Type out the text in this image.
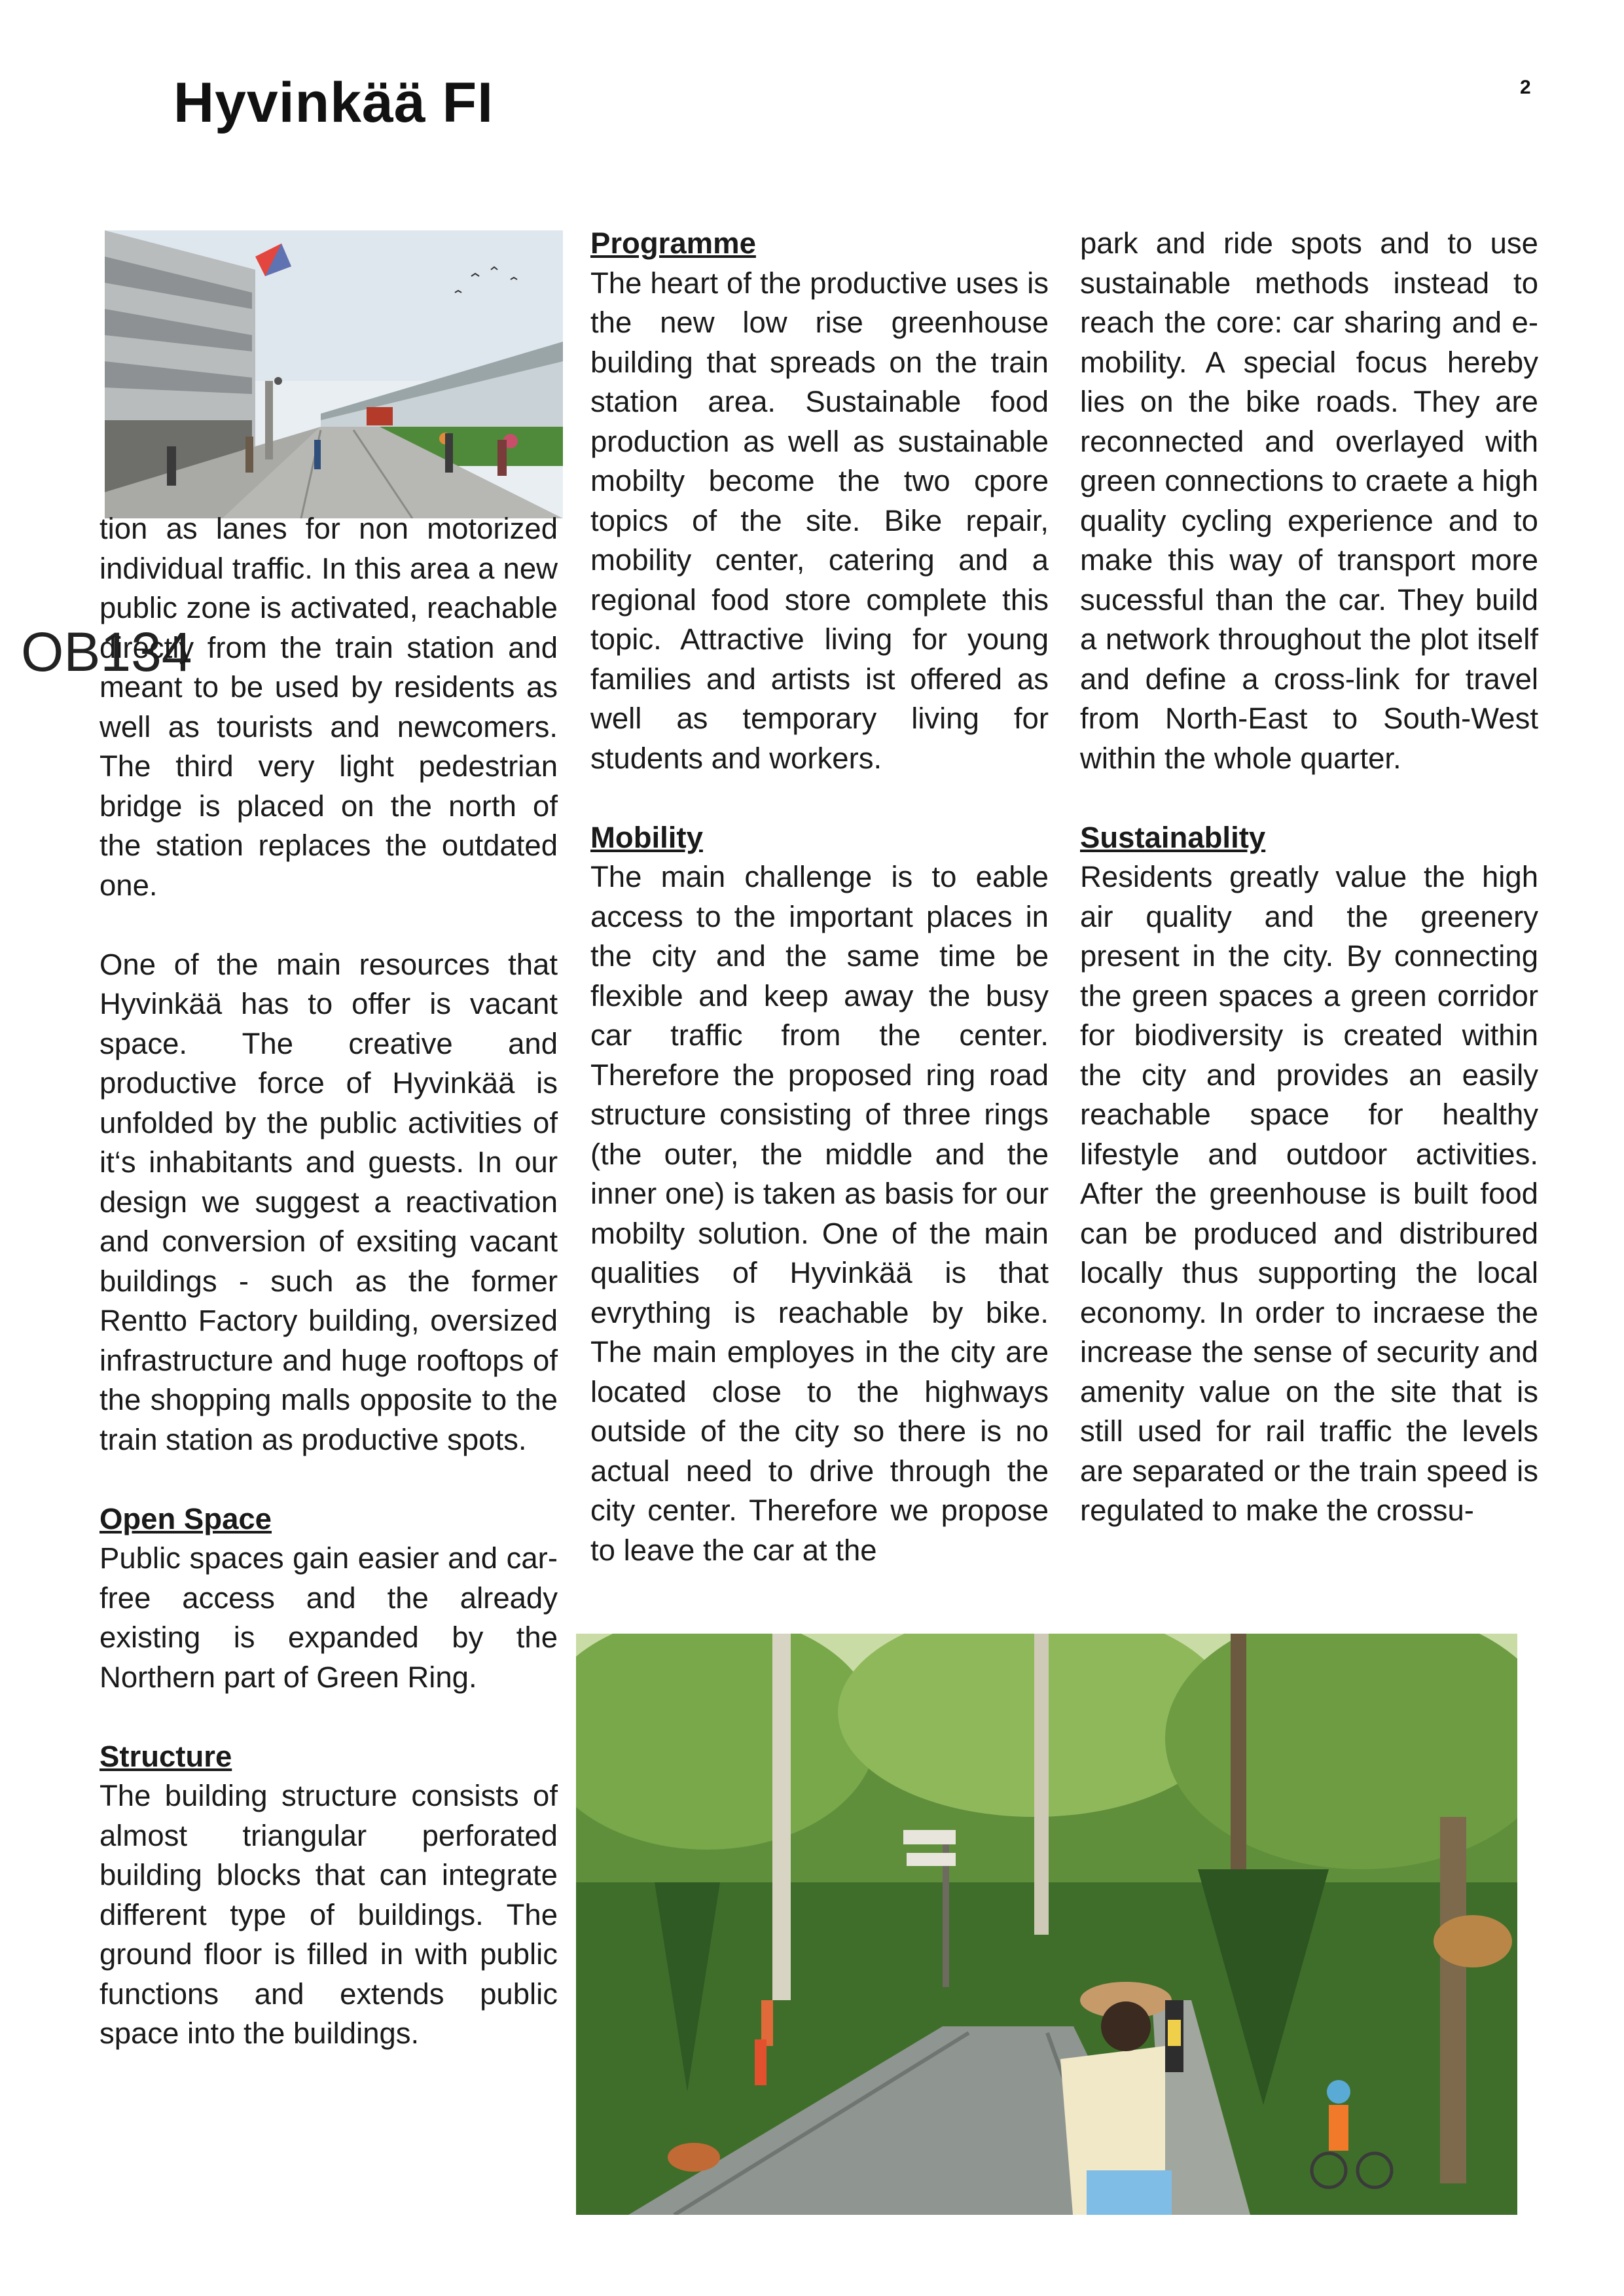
Hyvinkää FI	2
OB134

tion as lanes for non motorized individual traffic. In this area a new public zone is activated, reachable directly from the train station and meant to be used by residents as well as tourists and newcomers. The third very light pedestrian bridge is placed on the north of the station replaces the outdated one.

One of the main resources that Hyvinkää has to offer is vacant space. The creative and productive force of Hyvinkää is unfolded by the public activities of it‘s inhabitants and guests. In our design we suggest a reactivation and conversion of exsiting vacant buildings - such as the former Rentto Factory building, oversized infrastructure and huge rooftops of the shopping malls opposite to the train station as productive spots.

Open Space

Public spaces gain easier and car- free access and the already existing is expanded by the Northern part of Green Ring.

Structure

The building structure consists of almost triangular perforated building blocks that can integrate different type of buildings. The ground floor is filled in with public functions and extends public space into the buildings.

Programme

The heart of the productive uses is the new low rise greenhouse building that spreads on the train station area. Sustainable food production as well as sustainable mobilty become the two cpore topics of the site. Bike repair, mobility center, catering and a regional food store complete this topic. Attractive living for young families and artists ist offered as well as temporary living for students and workers.

Mobility

The main challenge is to eable access to the important places in the city and the same time be flexible and keep away the busy car traffic from the center. Therefore the proposed ring road structure consisting of three rings (the outer, the middle and the inner one) is taken as basis for our mobilty solution. One of the main qualities of Hyvinkää is that evrything is reachable by bike. The main employes in the city are located close to the highways outside of the city so there is no actual need to drive through the city center. Therefore we propose to leave the car at the

park and ride spots and to use sustainable methods instead to reach the core: car sharing and e-mobility. A special focus hereby lies on the bike roads. They are reconnected and overlayed with green connections to craete a high quality cycling experience and to make this way of transport more sucessful than the car. They build a network throughout the plot itself and define a cross-link for travel from North-East to South-West within the whole quarter.

Sustainablity

Residents greatly value the high air quality and the greenery present in the city. By connecting the green spaces a green corridor for biodiversity is created within the city and provides an easily reachable space for healthy lifestyle and outdoor activities. After the greenhouse is built food can be produced and distribured locally thus supporting the local economy. In order to incraese the increase the sense of security and amenity value on the site that is still used for rail traffic the levels are separated or the train speed is regulated to make the crossu-
